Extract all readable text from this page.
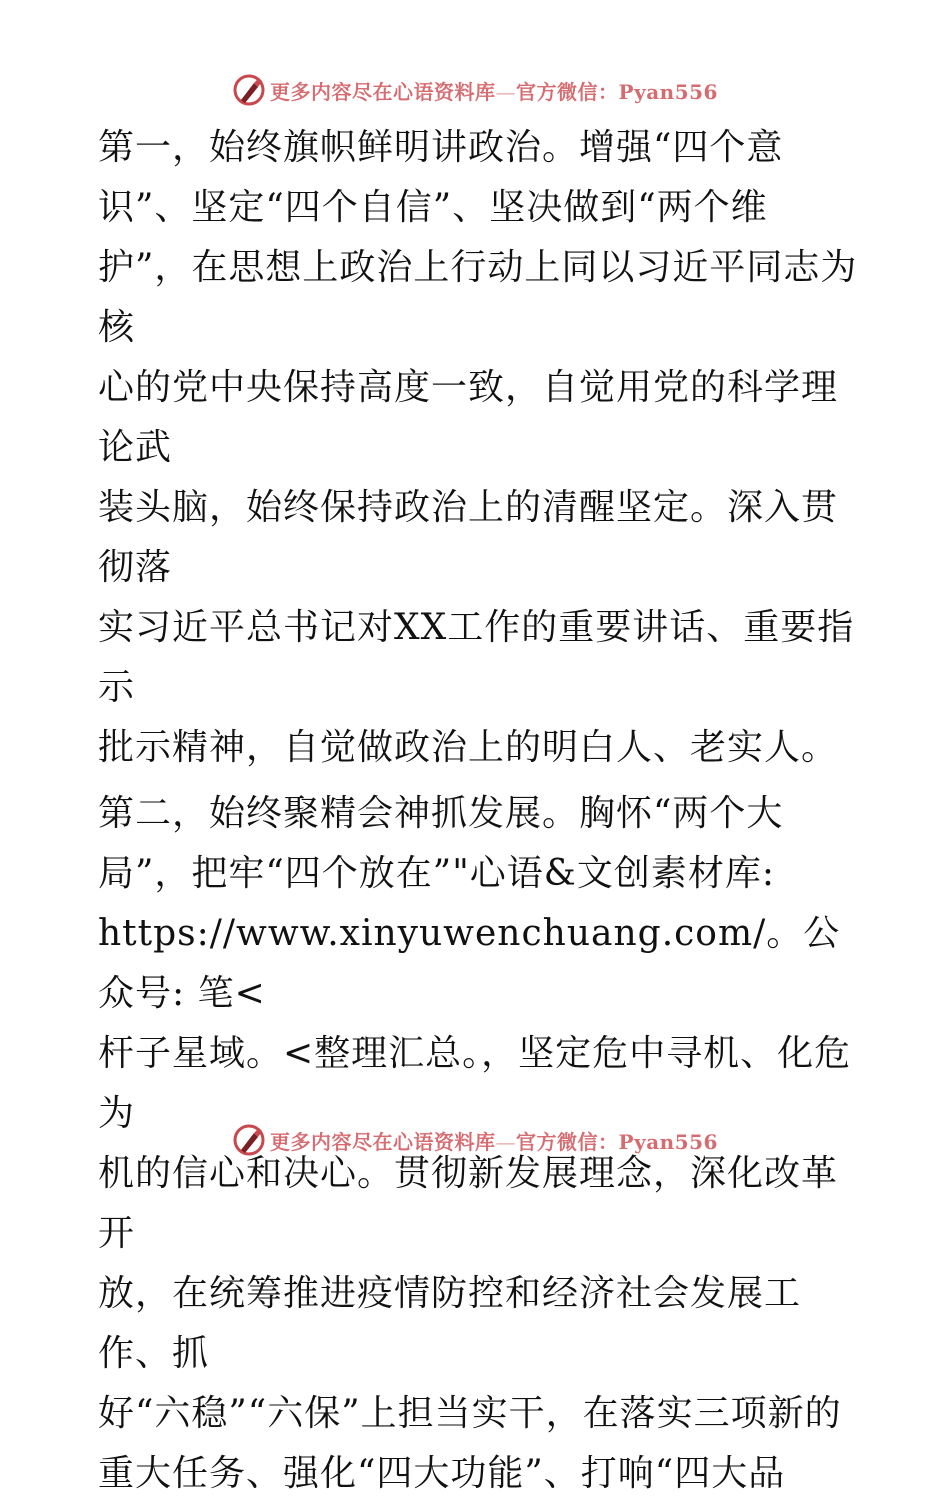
更多内容尽在心语资料库—官方微信：Pyan556
第一，始终旗帜鲜明讲政治。增强“四个意
识”、坚定“四个自信”、坚决做到“两个维
护”，在思想上政治上行动上同以习近平同志为核
心的党中央保持高度一致，自觉用党的科学理论武
装头脑，始终保持政治上的清醒坚定。深入贯彻落
实习近平总书记对XX工作的重要讲话、重要指示
批示精神，自觉做政治上的明白人、老实人。
第二，始终聚精会神抓发展。胸怀“两个大
局”，把牢“四个放在”"心语&文创素材库:
https://www.xinyuwenchuang.com/。公众号: 笔<
杆子星域。<整理汇总。，坚定危中寻机、化危为
机的信心和决心。贯彻新发展理念，深化改革开
放，在统筹推进疫情防控和经济社会发展工作、抓
好“六稳”“六保”上担当实干，在落实三项新的
重大任务、强化“四大功能”、打响“四大品
更多内容尽在心语资料库—官方微信：Pyan556
